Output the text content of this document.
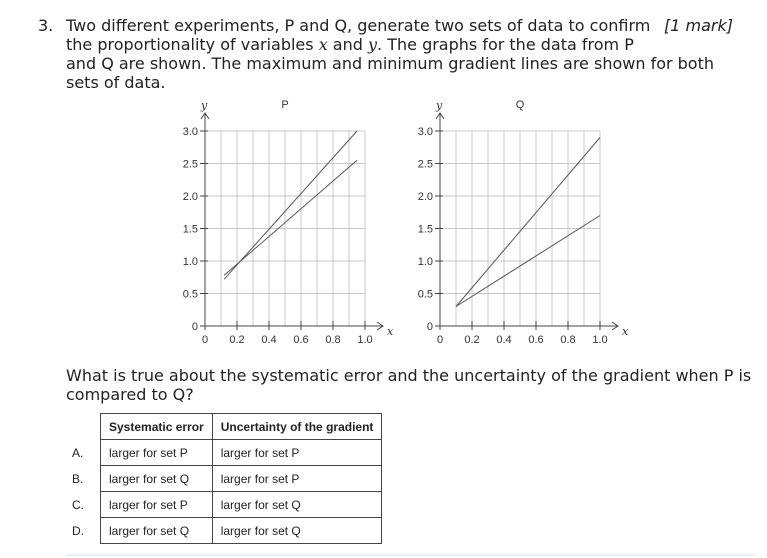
3. Two different experiments, P and Q, generate two sets of data to confirm
the proportionality of variables x and y. The graphs for the data from P
and Q are shown. The maximum and minimum gradient lines are shown for both
sets of data.
[1 mark]
0 0.2 0.4 0.6 0.8 1.0
0
0.5
1.0
1.5
2.0
2.5
3.0
x
y	P
0 0.2 0.4 0.6 0.8 1.0
0
0.5
1.0
1.5
2.0
2.5
3.0
x
y	Q
What is true about the systematic error and the uncertainty of the gradient when P is compared to Q?
	Systematic error	Uncertainty of the gradient
A.	larger for set P	larger for set P
B.	larger for set Q	larger for set P
C.	larger for set P	larger for set Q
D.	larger for set Q	larger for set Q
